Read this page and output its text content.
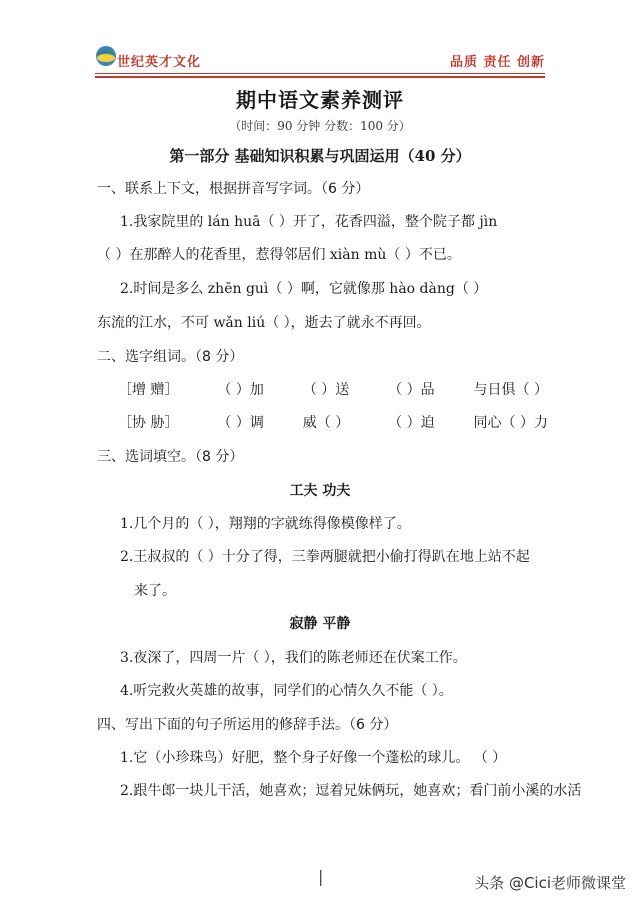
世纪英才文化	品质 责任 创新
期中语文素养测评
（时间：90 分钟 分数：100 分）
第一部分 基础知识积累与巩固运用（40 分）
一、联系上下文，根据拼音写字词。（6 分）
1.我家院里的 lán huā（ ）开了，花香四溢，整个院子都 jìn
（ ）在那醉人的花香里，惹得邻居们 xiàn mù（ ）不已。
2.时间是多么 zhēn guì（ ）啊，它就像那 hào dàng（ ）
东流的江水，不可 wǎn liú（ ），逝去了就永不再回。
二、选字组词。（8 分）
［增 赠］	（ ）加	（ ）送	（ ）品	与日俱（ ）
［协 胁］	（ ）调	威（ ）	（ ）迫	同心（ ）力
三、选词填空。（8 分）
工夫 功夫
1.几个月的（ ），翔翔的字就练得像模像样了。
2.王叔叔的（ ）十分了得，三拳两腿就把小偷打得趴在地上站不起
来了。
寂静 平静
3.夜深了，四周一片（ ），我们的陈老师还在伏案工作。
4.听完救火英雄的故事，同学们的心情久久不能（ ）。
四、写出下面的句子所运用的修辞手法。（6 分）
1.它（小珍珠鸟）好肥，整个身子好像一个蓬松的球儿。 （ ）
2.跟牛郎一块儿干活，她喜欢；逗着兄妹俩玩，她喜欢；看门前小溪的水活
|	头条 @Cici老师微课堂
